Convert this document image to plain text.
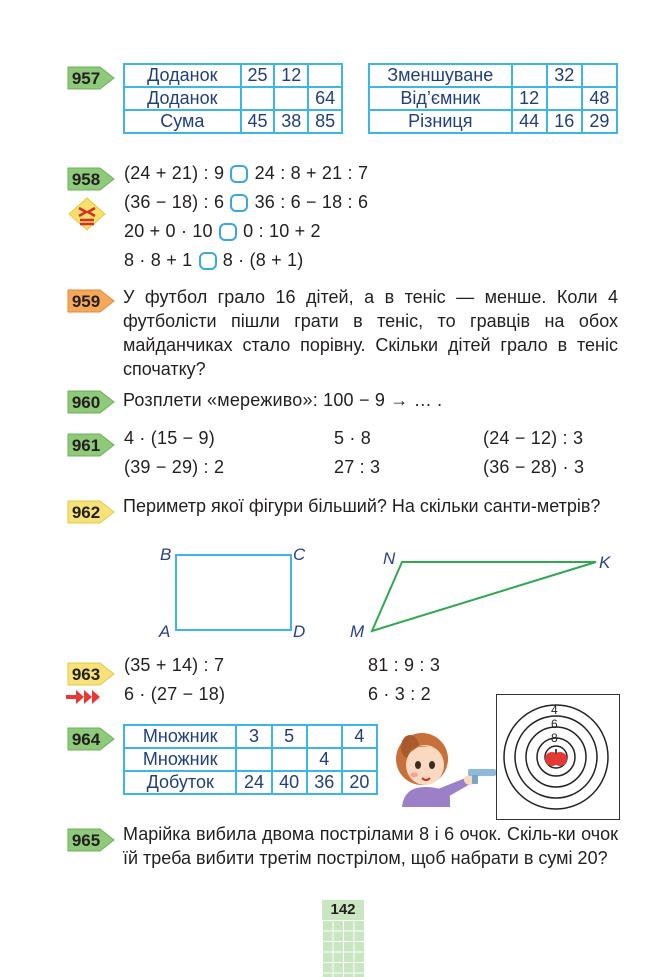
957	Доданок	25	12	
Доданок			64
Сума	45	38	85
Зменшуване		32	
Від’ємник	12		48
Різниця	44	16	29
958	(24 + 21) : 9 24 : 8 + 21 : 7
(36 − 18) : 6 36 : 6 − 18 : 6
20 + 0 · 10 0 : 10 + 2
8 · 8 + 1 8 · (8 + 1)
959	У футбол грало 16 дітей, а в теніс — менше. Коли 4 футболісти пішли грати в теніс, то гравців на обох майданчиках стало порівну. Скільки дітей грало в теніс спочатку?
960	Розплети «мереживо»: 100 − 9 → … .
961	4 · (15 − 9)	5 · 8	(24 − 12) : 3
(39 − 29) : 2	27 : 3	(36 − 28) · 3
962	Периметр якої фігури більший? На скільки санти-метрів?
B	C
A	D
N	K
M
963	(35 + 14) : 7	81 : 9 : 3
6 · (27 − 18)	6 · 3 : 2
964	Множник	3	5		4
Множник			4	
Добуток	24	40	36	20
4
6
8
965	Марійка вибила двома пострілами 8 і 6 очок. Скіль-ки очок їй треба вибити третім пострілом, щоб набрати в сумі 20?
142
